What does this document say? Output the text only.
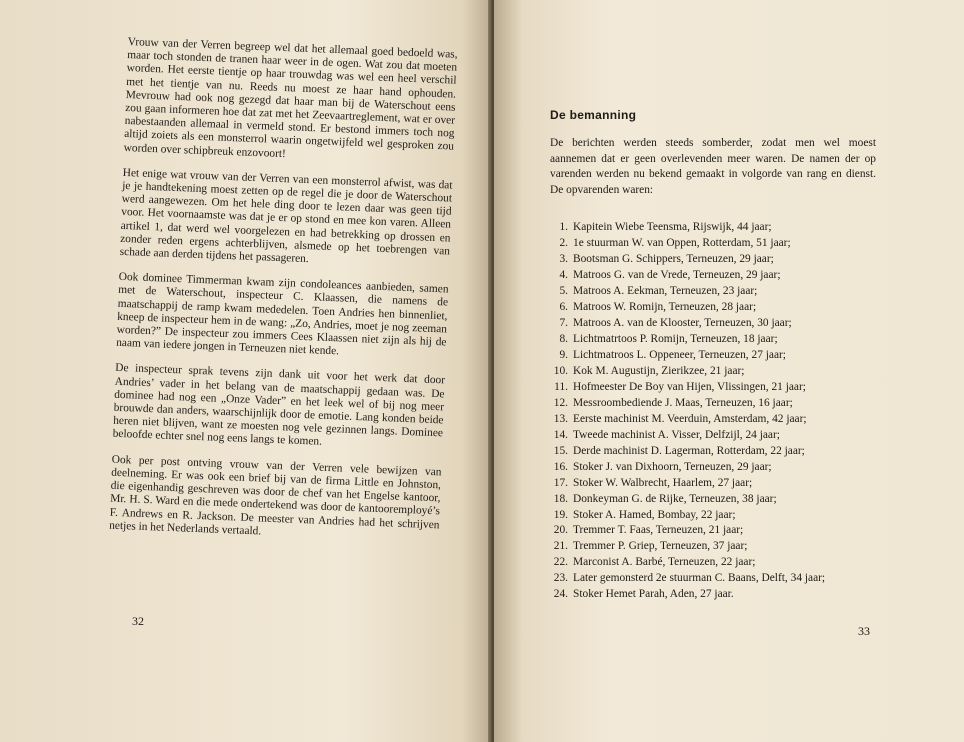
Vrouw van der Verren begreep wel dat het allemaal goed bedoeld was, maar toch stonden de tranen haar weer in de ogen. Wat zou dat moeten worden. Het eerste tientje op haar trouwdag was wel een heel verschil met het tientje van nu. Reeds nu moest ze haar hand ophouden. Mevrouw had ook nog gezegd dat haar man bij de Waterschout eens zou gaan informeren hoe dat zat met het Zeevaartreglement, wat er over nabestaanden allemaal in vermeld stond. Er bestond immers toch nog altijd zoiets als een monsterrol waarin ongetwijfeld wel gesproken zou worden over schipbreuk enzovoort!

Het enige wat vrouw van der Verren van een monsterrol afwist, was dat je je handtekening moest zetten op de regel die je door de Waterschout werd aangewezen. Om het hele ding door te lezen daar was geen tijd voor. Het voornaamste was dat je er op stond en mee kon varen. Alleen artikel 1, dat werd wel voorgelezen en had betrekking op drossen en zonder reden ergens achterblijven, alsmede op het toebrengen van schade aan derden tijdens het passageren.

Ook dominee Timmerman kwam zijn condoleances aanbieden, samen met de Waterschout, inspecteur C. Klaassen, die namens de maatschappij de ramp kwam mededelen. Toen Andries hen binnenliet, kneep de inspecteur hem in de wang: „Zo, Andries, moet je nog zeeman worden?” De inspecteur zou immers Cees Klaassen niet zijn als hij de naam van iedere jongen in Terneuzen niet kende.

De inspecteur sprak tevens zijn dank uit voor het werk dat door Andries’ vader in het belang van de maatschappij gedaan was. De dominee had nog een „Onze Vader” en het leek wel of bij nog meer brouwde dan anders, waarschijnlijk door de emotie. Lang konden beide heren niet blijven, want ze moesten nog vele gezinnen langs. Dominee beloofde echter snel nog eens langs te komen.

Ook per post ontving vrouw van der Verren vele bewijzen van deelneming. Er was ook een brief bij van de firma Little en Johnston, die eigenhandig geschreven was door de chef van het Engelse kantoor, Mr. H. S. Ward en die mede ondertekend was door de kantooremployé’s F. Andrews en R. Jackson. De meester van Andries had het schrijven netjes in het Nederlands vertaald.

32
De bemanning

De berichten werden steeds somberder, zodat men wel moest aannemen dat er geen overlevenden meer waren. De namen der op varenden werden nu bekend gemaakt in volgorde van rang en dienst. De opvarenden waren:

1. Kapitein Wiebe Teensma, Rijswijk, 44 jaar;
2. 1e stuurman W. van Oppen, Rotterdam, 51 jaar;
3. Bootsman G. Schippers, Terneuzen, 29 jaar;
4. Matroos G. van de Vrede, Terneuzen, 29 jaar;
5. Matroos A. Eekman, Terneuzen, 23 jaar;
6. Matroos W. Romijn, Terneuzen, 28 jaar;
7. Matroos A. van de Klooster, Terneuzen, 30 jaar;
8. Lichtmatrtoos P. Romijn, Terneuzen, 18 jaar;
9. Lichtmatroos L. Oppeneer, Terneuzen, 27 jaar;
10. Kok M. Augustijn, Zierikzee, 21 jaar;
11. Hofmeester De Boy van Hijen, Vlissingen, 21 jaar;
12. Messroombediende J. Maas, Terneuzen, 16 jaar;
13. Eerste machinist M. Veerduin, Amsterdam, 42 jaar;
14. Tweede machinist A. Visser, Delfzijl, 24 jaar;
15. Derde machinist D. Lagerman, Rotterdam, 22 jaar;
16. Stoker J. van Dixhoorn, Terneuzen, 29 jaar;
17. Stoker W. Walbrecht, Haarlem, 27 jaar;
18. Donkeyman G. de Rijke, Terneuzen, 38 jaar;
19. Stoker A. Hamed, Bombay, 22 jaar;
20. Tremmer T. Faas, Terneuzen, 21 jaar;
21. Tremmer P. Griep, Terneuzen, 37 jaar;
22. Marconist A. Barbé, Terneuzen, 22 jaar;
23. Later gemonsterd 2e stuurman C. Baans, Delft, 34 jaar;
24. Stoker Hemet Parah, Aden, 27 jaar.
33
